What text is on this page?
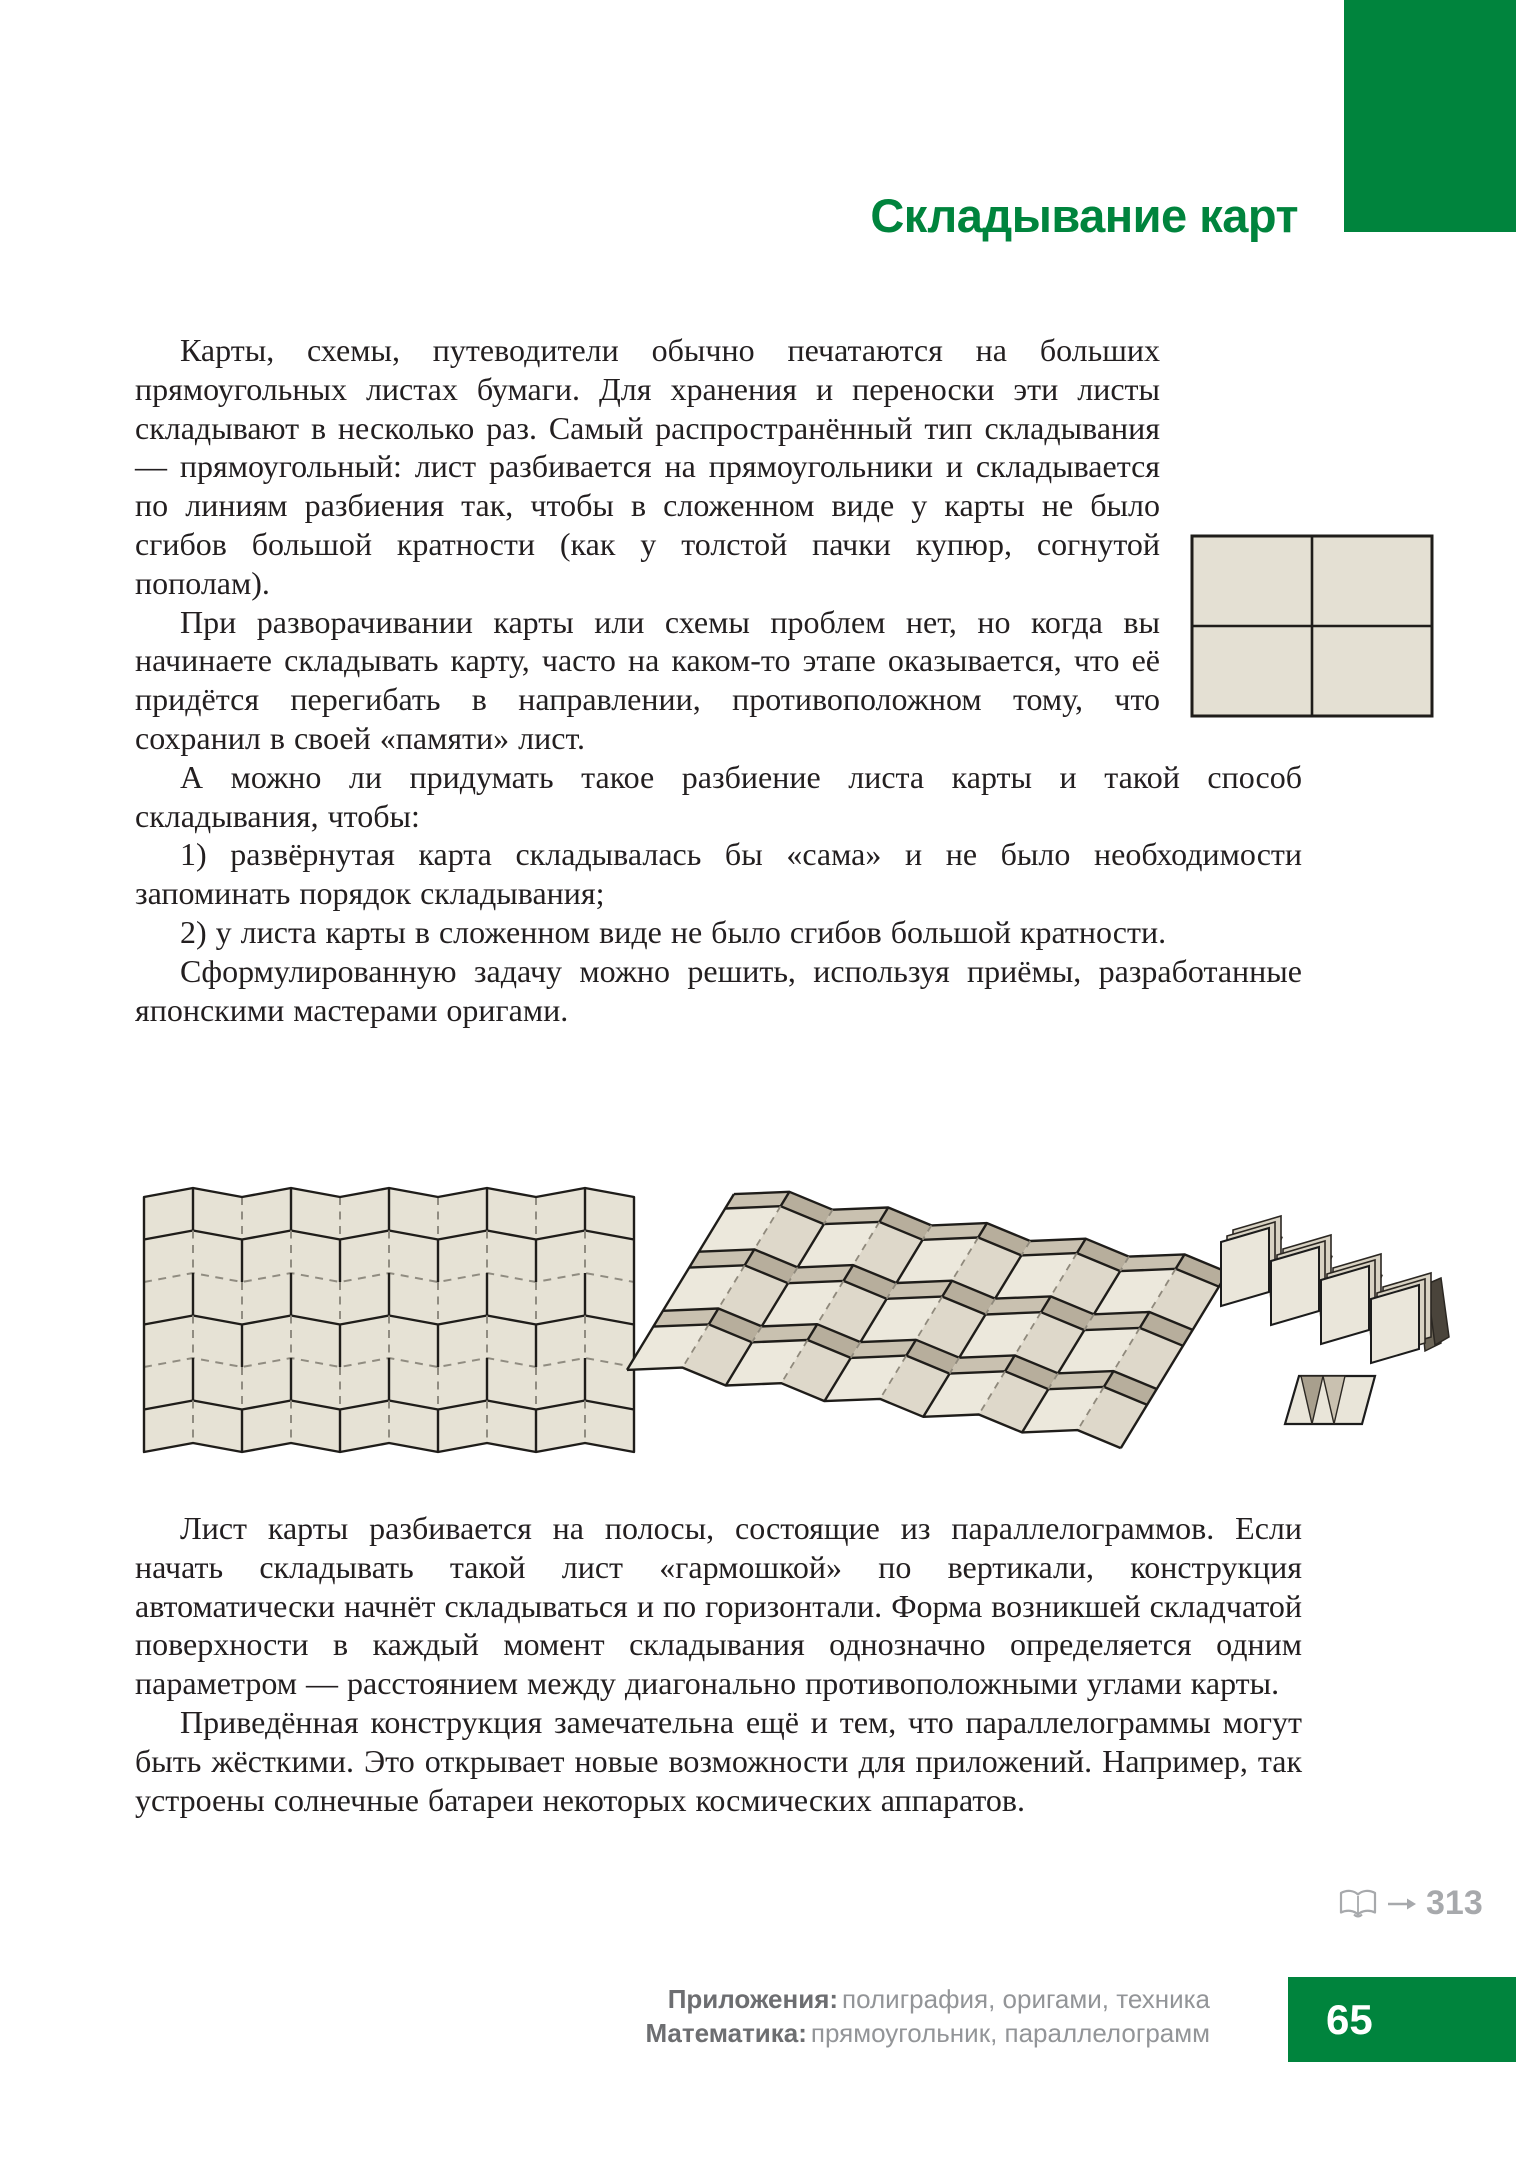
Складывание карт

Карты, схемы, путеводители обычно печатаются на больших прямоугольных листах бумаги. Для хранения и переноски эти листы складывают в несколько раз. Самый распространённый тип складывания — прямоугольный: лист разбивается на прямоугольники и складывается по линиям разбиения так, чтобы в сложенном виде у карты не было сгибов большой кратности (как у толстой пачки купюр, согнутой пополам).

При разворачивании карты или схемы проблем нет, но когда вы начинаете складывать карту, часто на каком-то этапе оказывается, что её придётся перегибать в направлении, противоположном тому, что сохранил в своей «памяти» лист.

А можно ли придумать такое разбиение листа карты и такой способ складывания, чтобы:

1) развёрнутая карта складывалась бы «сама» и не было необходимости запоминать порядок складывания;

2) у листа карты в сложенном виде не было сгибов большой кратности.

Сформулированную задачу можно решить, используя приёмы, разработанные японскими мастерами оригами.

Лист карты разбивается на полосы, состоящие из параллелограммов. Если начать складывать такой лист «гармошкой» по вертикали, конструкция автоматически начнёт складываться и по горизонтали. Форма возникшей складчатой поверхности в каждый момент складывания однозначно определяется одним параметром — расстоянием между диагонально противоположными углами карты.

Приведённая конструкция замечательна ещё и тем, что параллелограммы могут быть жёсткими. Это открывает новые возможности для приложений. Например, так устроены солнечные батареи некоторых космических аппаратов.

313
Приложения: полиграфия, оригами, техника
Математика: прямоугольник, параллелограмм	65
